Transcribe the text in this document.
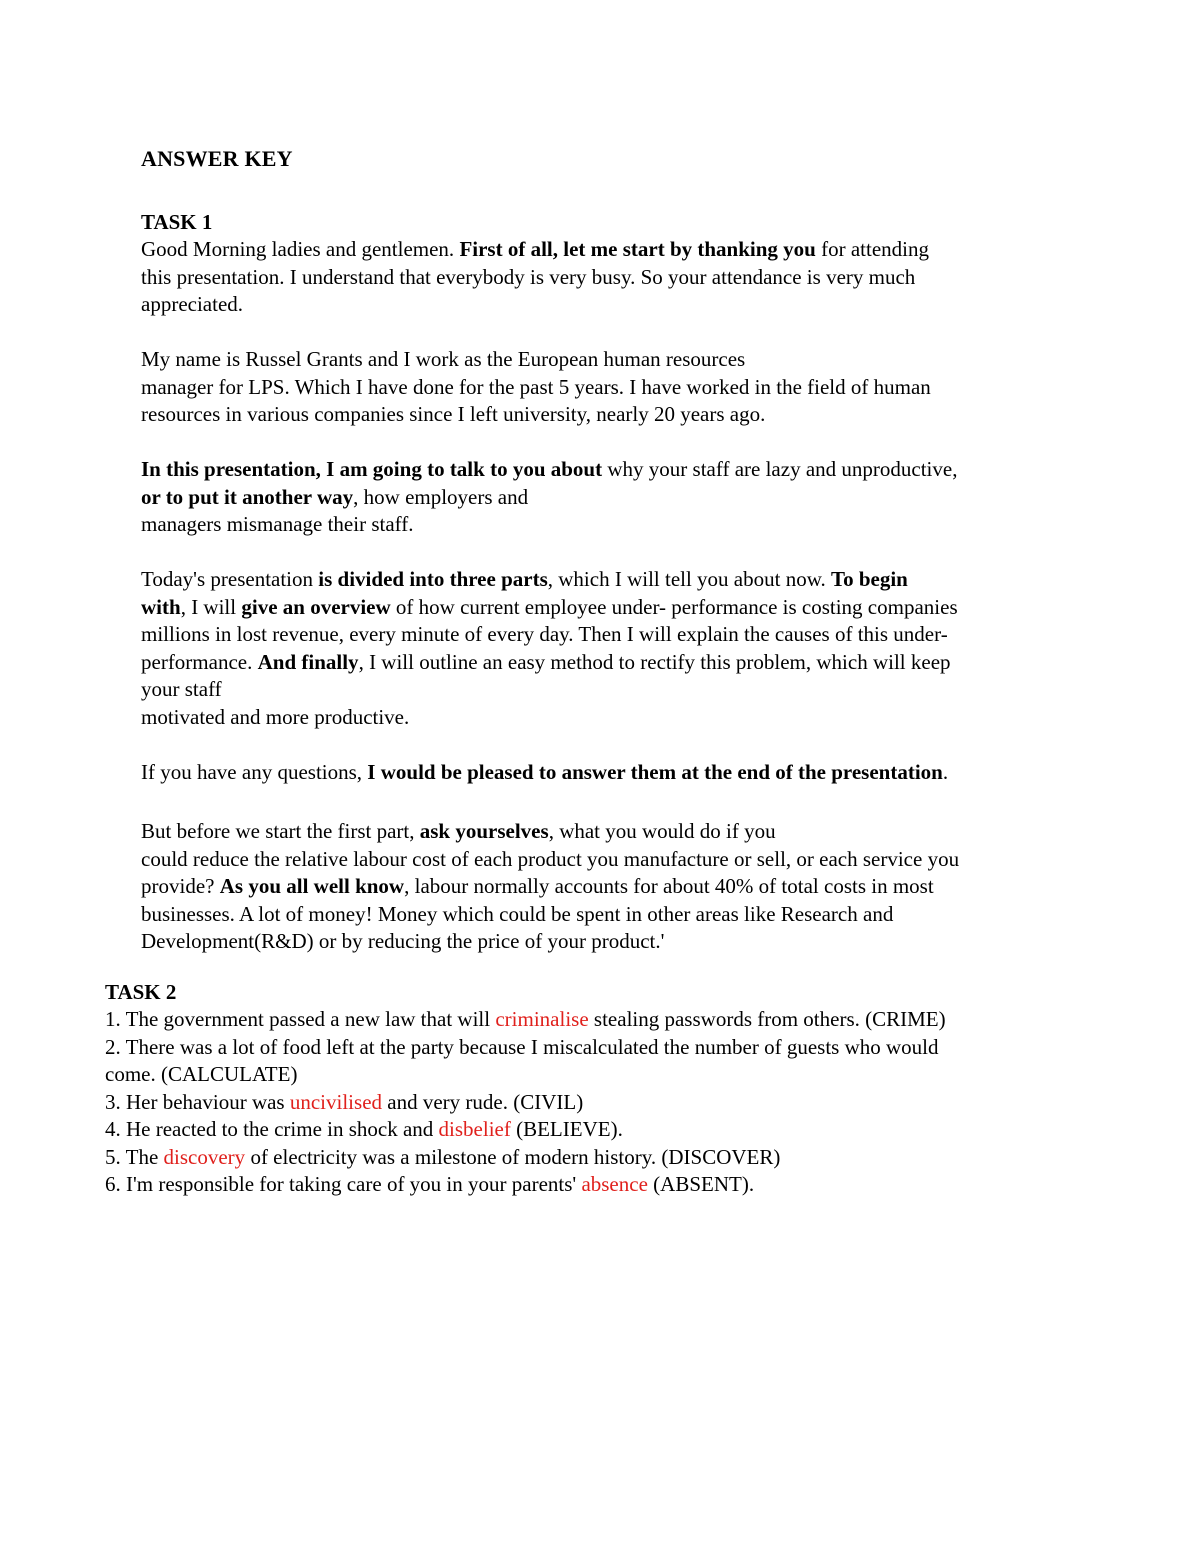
ANSWER KEY
TASK 1

Good Morning ladies and gentlemen. First of all, let me start by thanking you for attending
this presentation. I understand that everybody is very busy. So your attendance is very much
appreciated.

My name is Russel Grants and I work as the European human resources
manager for LPS. Which I have done for the past 5 years. I have worked in the field of human
resources in various companies since I left university, nearly 20 years ago.

In this presentation, I am going to talk to you about why your staff are lazy and unproductive,
or to put it another way, how employers and
managers mismanage their staff.

Today's presentation is divided into three parts, which I will tell you about now. To begin
with, I will give an overview of how current employee under- performance is costing companies
millions in lost revenue, every minute of every day. Then I will explain the causes of this under-
performance. And finally, I will outline an easy method to rectify this problem, which will keep
your staff
motivated and more productive.

If you have any questions, I would be pleased to answer them at the end of the presentation.

But before we start the first part, ask yourselves, what you would do if you
could reduce the relative labour cost of each product you manufacture or sell, or each service you
provide? As you all well know, labour normally accounts for about 40% of total costs in most
businesses. A lot of money! Money which could be spent in other areas like Research and
Development(R&D) or by reducing the price of your product.'

TASK 2

1. The government passed a new law that will criminalise stealing passwords from others. (CRIME)

2. There was a lot of food left at the party because I miscalculated the number of guests who would
come. (CALCULATE)

3. Her behaviour was uncivilised and very rude. (CIVIL)

4. He reacted to the crime in shock and disbelief (BELIEVE).

5. The discovery of electricity was a milestone of modern history. (DISCOVER)

6. I'm responsible for taking care of you in your parents' absence (ABSENT).
